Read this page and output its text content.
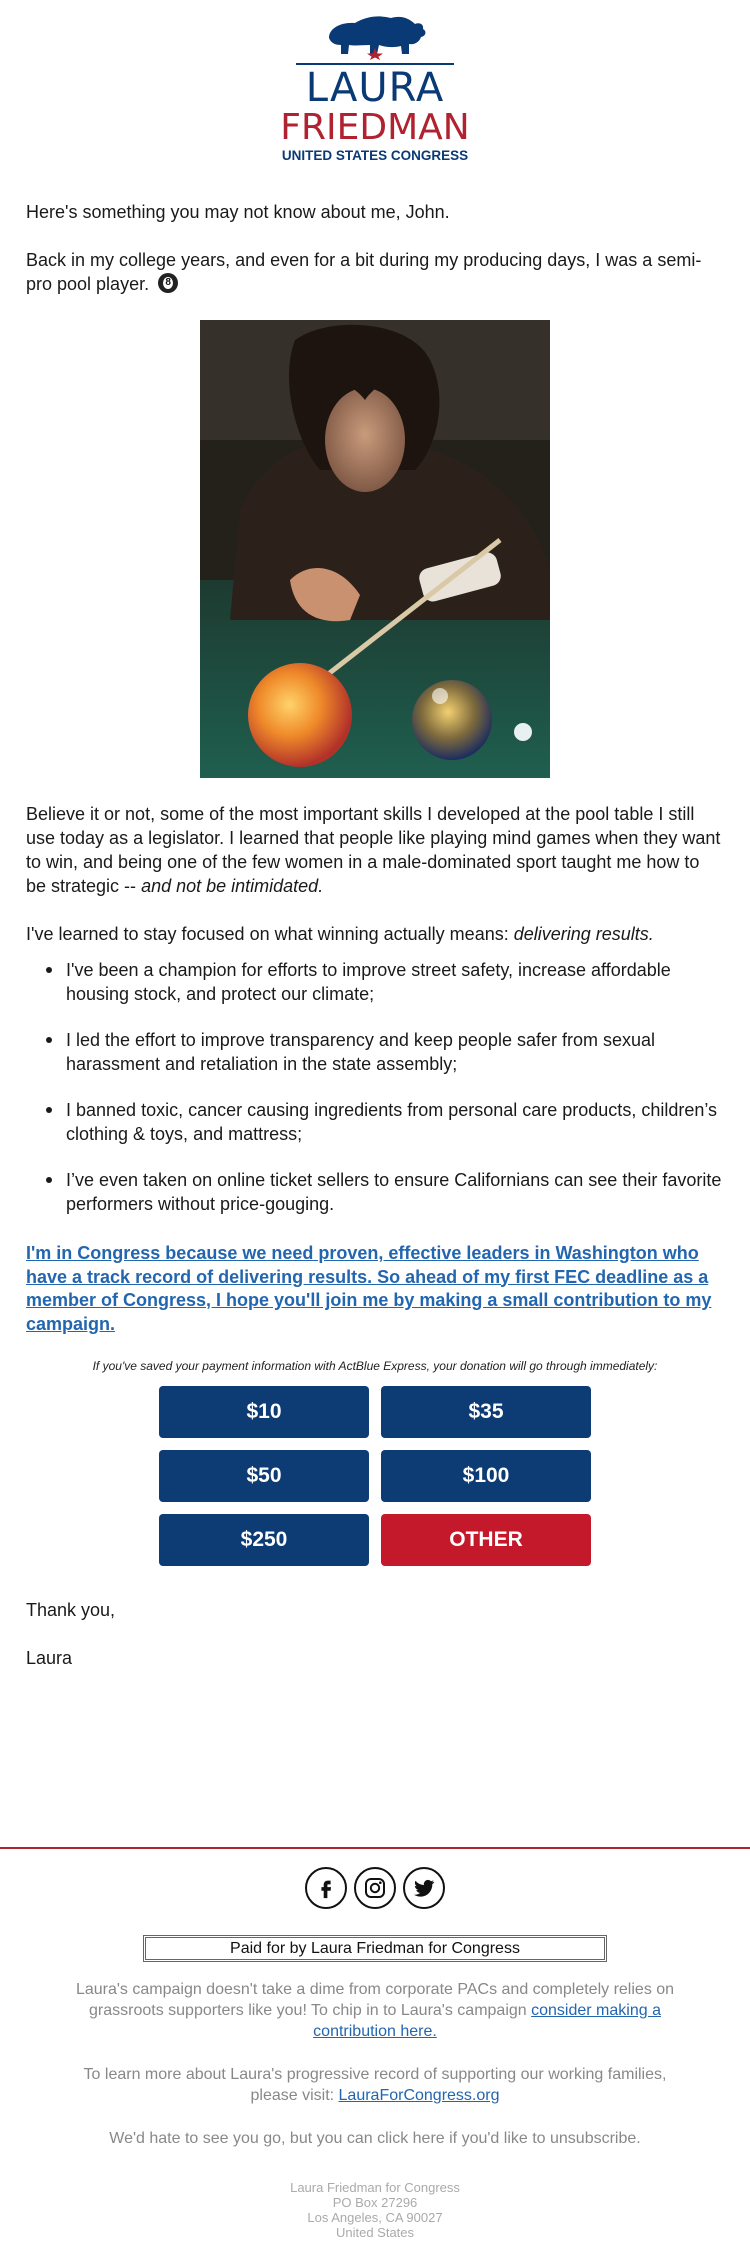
LAURA
FRIEDMAN
UNITED STATES CONGRESS

Here's something you may not know about me, John.

Back in my college years, and even for a bit during my producing days, I was a semi-pro pool player. 8

Believe it or not, some of the most important skills I developed at the pool table I still use today as a legislator. I learned that people like playing mind games when they want to win, and being one of the few women in a male-dominated sport taught me how to be strategic -- and not be intimidated.

I've learned to stay focused on what winning actually means: delivering results.

I've been a champion for efforts to improve street safety, increase affordable housing stock, and protect our climate;
I led the effort to improve transparency and keep people safer from sexual harassment and retaliation in the state assembly;
I banned toxic, cancer causing ingredients from personal care products, children’s clothing & toys, and mattress;
I’ve even taken on online ticket sellers to ensure Californians can see their favorite performers without price-gouging.
I'm in Congress because we need proven, effective leaders in Washington who have a track record of delivering results. So ahead of my first FEC deadline as a member of Congress, I hope you'll join me by making a small contribution to my campaign.

If you've saved your payment information with ActBlue Express, your donation will go through immediately:

$10	$35
$50	$100
$250	OTHER

Thank you,

Laura

Paid for by Laura Friedman for Congress

Laura's campaign doesn't take a dime from corporate PACs and completely relies on grassroots supporters like you! To chip in to Laura's campaign consider making a contribution here.

To learn more about Laura's progressive record of supporting our working families, please visit: LauraForCongress.org

We'd hate to see you go, but you can click here if you'd like to unsubscribe.

Laura Friedman for Congress
PO Box 27296
Los Angeles, CA 90027
United States
